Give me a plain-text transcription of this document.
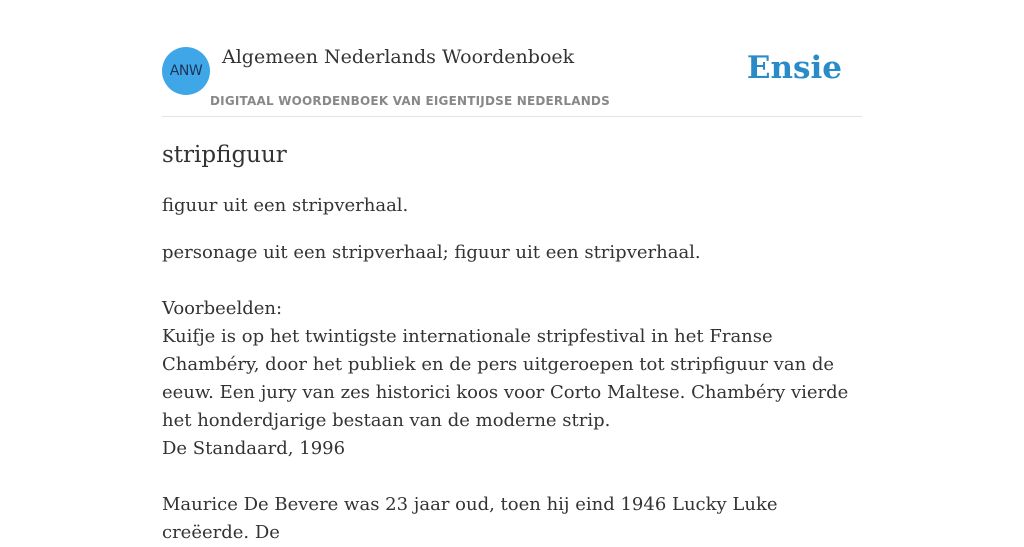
ANW
Algemeen Nederlands Woordenboek
DIGITAAL WOORDENBOEK VAN EIGENTIJDSE NEDERLANDS
Ensie
stripfiguur

figuur uit een stripverhaal.

personage uit een stripverhaal; figuur uit een stripverhaal.

Voorbeelden:

Kuifje is op het twintigste internationale stripfestival in het Franse Chambéry, door het publiek en de pers uitgeroepen tot stripfiguur van de eeuw. Een jury van zes historici koos voor Corto Maltese. Chambéry vierde het honderdjarige bestaan van de moderne strip.

De Standaard, 1996

Maurice De Bevere was 23 jaar oud, toen hij eind 1946 Lucky Luke creëerde. De
